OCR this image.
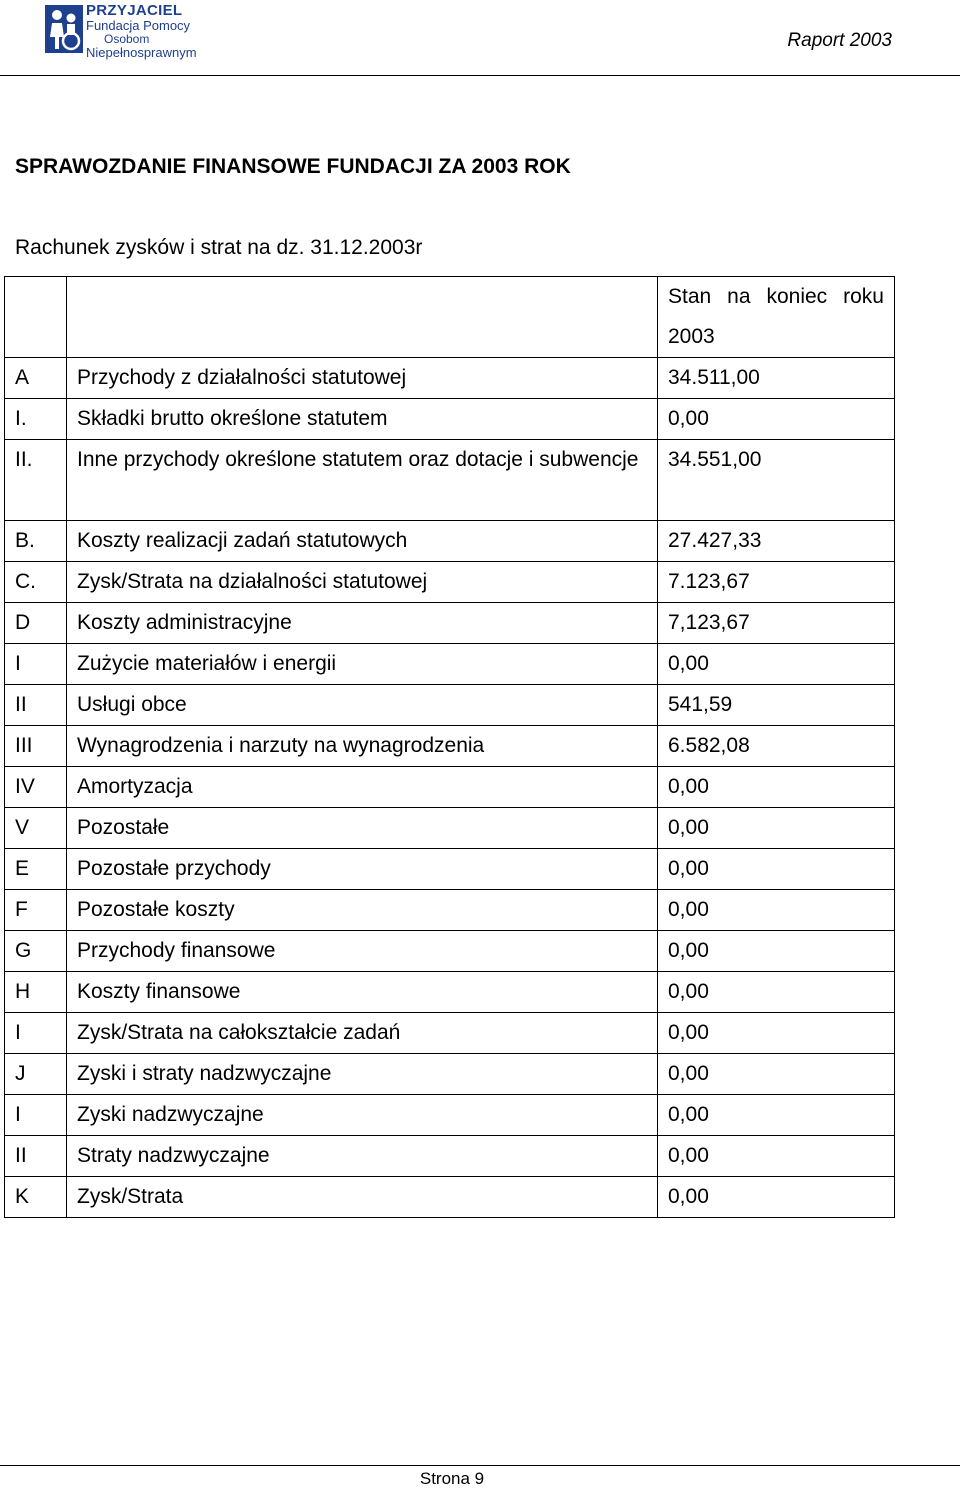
PRZYJACIEL
Fundacja Pomocy
Osobom
Niepełnosprawnym
Raport 2003
SPRAWOZDANIE FINANSOWE FUNDACJI ZA 2003 ROK
Rachunek zysków i strat na dz. 31.12.2003r
		Stan na koniec roku 2003
A	Przychody z działalności statutowej	34.511,00
I.	Składki brutto określone statutem	0,00
II.	Inne przychody określone statutem oraz dotacje i subwencje	34.551,00
B.	Koszty realizacji zadań statutowych	27.427,33
C.	Zysk/Strata na działalności statutowej	7.123,67
D	Koszty administracyjne	7,123,67
I	Zużycie materiałów i energii	0,00
II	Usługi obce	541,59
III	Wynagrodzenia i narzuty na wynagrodzenia	6.582,08
IV	Amortyzacja	0,00
V	Pozostałe	0,00
E	Pozostałe przychody	0,00
F	Pozostałe koszty	0,00
G	Przychody finansowe	0,00
H	Koszty finansowe	0,00
I	Zysk/Strata na całokształcie zadań	0,00
J	Zyski i straty nadzwyczajne	0,00
I	Zyski nadzwyczajne	0,00
II	Straty nadzwyczajne	0,00
K	Zysk/Strata	0,00
Strona 9
